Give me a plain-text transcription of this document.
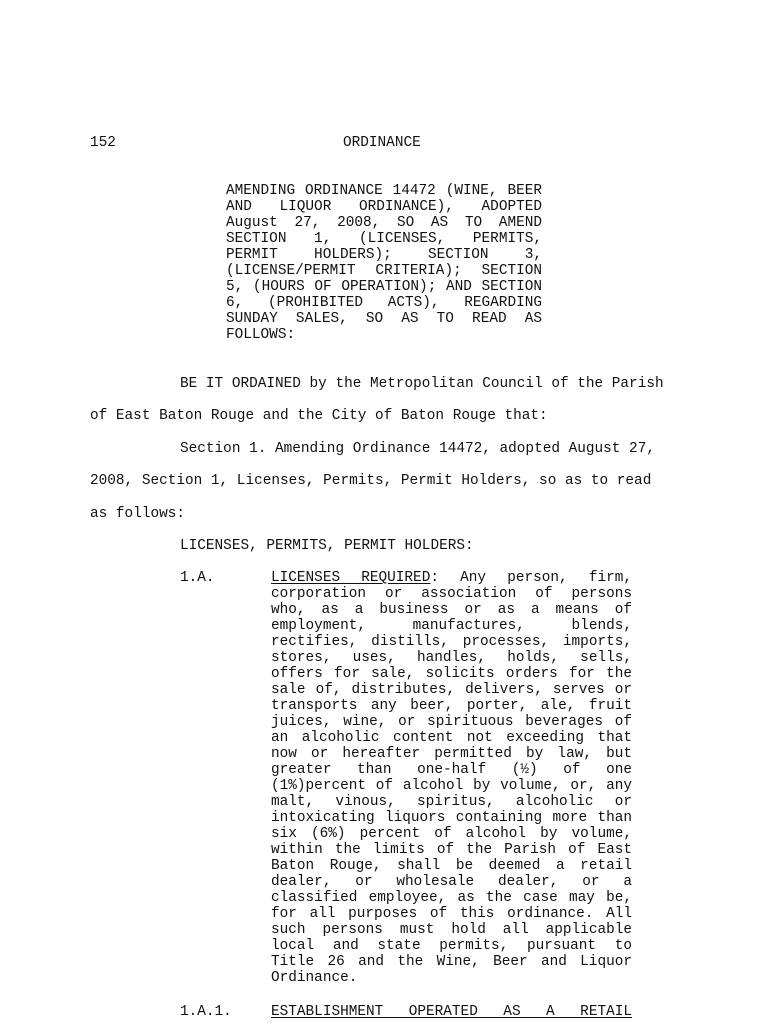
152	ORDINANCE
AMENDING ORDINANCE 14472 (WINE, BEER
AND LIQUOR ORDINANCE), ADOPTED
August 27, 2008, SO AS TO AMEND
SECTION 1, (LICENSES, PERMITS,
PERMIT HOLDERS); SECTION 3,
(LICENSE/PERMIT CRITERIA); SECTION
5, (HOURS OF OPERATION); AND SECTION
6, (PROHIBITED ACTS), REGARDING
SUNDAY SALES, SO AS TO READ AS
FOLLOWS:
BE IT ORDAINED by the Metropolitan Council of the Parish
of East Baton Rouge and the City of Baton Rouge that:
Section 1. Amending Ordinance 14472, adopted August 27,
2008, Section 1, Licenses, Permits, Permit Holders, so as to read
as follows:
LICENSES, PERMITS, PERMIT HOLDERS:
1.A.	LICENSES REQUIRED: Any person, firm,
corporation or association of persons
who, as a business or as a means of
employment, manufactures, blends,
rectifies, distills, processes, imports,
stores, uses, handles, holds, sells,
offers for sale, solicits orders for the
sale of, distributes, delivers, serves or
transports any beer, porter, ale, fruit
juices, wine, or spirituous beverages of
an alcoholic content not exceeding that
now or hereafter permitted by law, but
greater than one-half (½) of one
(1%)percent of alcohol by volume, or, any
malt, vinous, spiritus, alcoholic or
intoxicating liquors containing more than
six (6%) percent of alcohol by volume,
within the limits of the Parish of East
Baton Rouge, shall be deemed a retail
dealer, or wholesale dealer, or a
classified employee, as the case may be,
for all purposes of this ordinance. All
such persons must hold all applicable
local and state permits, pursuant to
Title 26 and the Wine, Beer and Liquor
Ordinance.
1.A.1.	ESTABLISHMENT OPERATED AS A RETAIL
